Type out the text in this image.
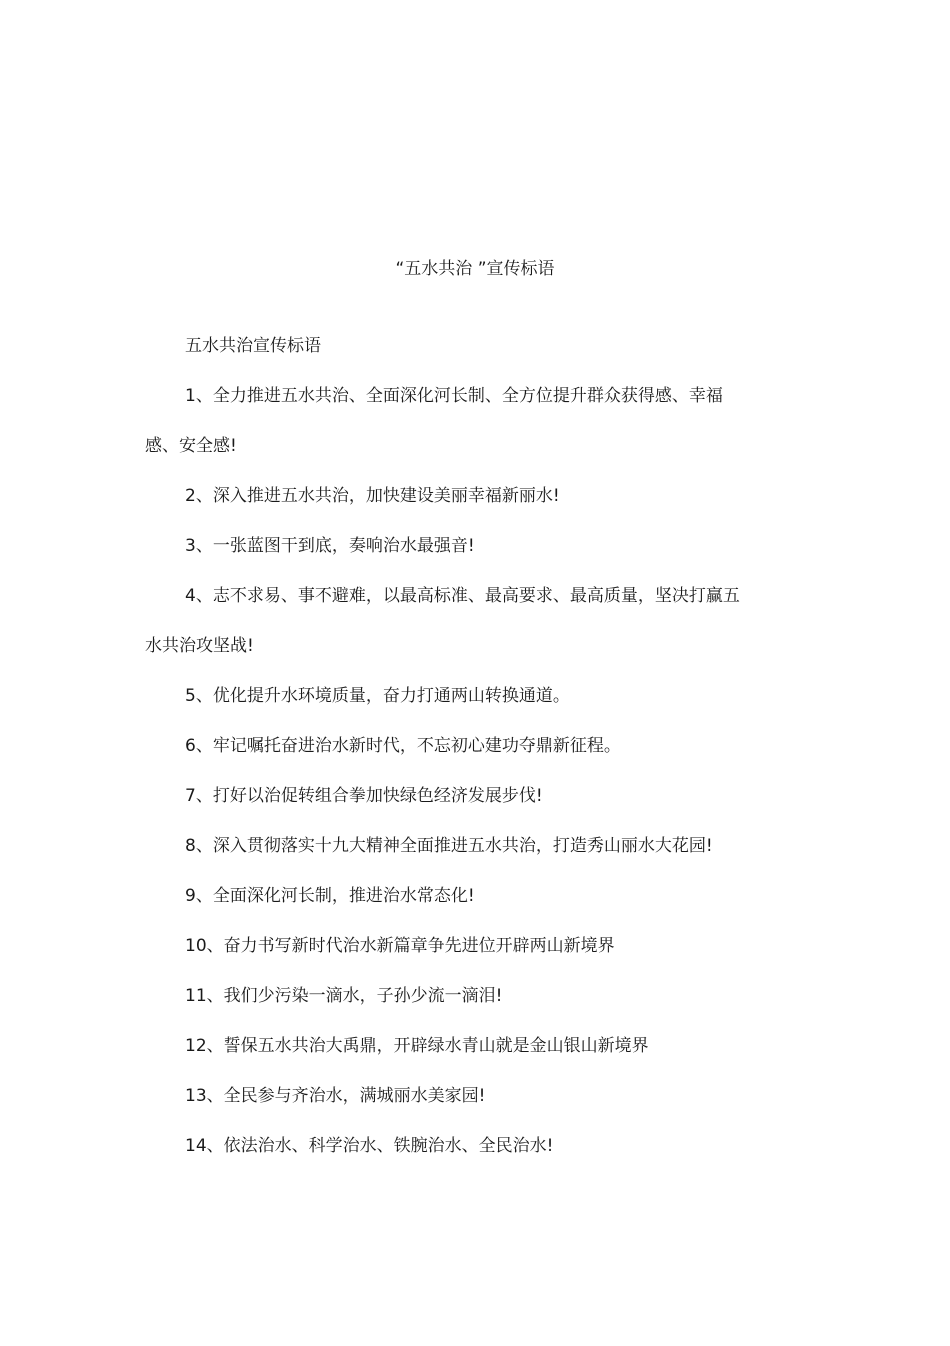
“五水共治 ”宣传标语

五水共治宣传标语

1、全力推进五水共治、全面深化河长制、全方位提升群众获得感、幸福感、安全感!

2、深入推进五水共治，加快建设美丽幸福新丽水!

3、一张蓝图干到底，奏响治水最强音!

4、志不求易、事不避难，以最高标准、最高要求、最高质量，坚决打赢五水共治攻坚战!

5、优化提升水环境质量，奋力打通两山转换通道。

6、牢记嘱托奋进治水新时代，不忘初心建功夺鼎新征程。

7、打好以治促转组合拳加快绿色经济发展步伐!

8、深入贯彻落实十九大精神全面推进五水共治，打造秀山丽水大花园!

9、全面深化河长制，推进治水常态化!

10、奋力书写新时代治水新篇章争先进位开辟两山新境界

11、我们少污染一滴水，子孙少流一滴泪!

12、誓保五水共治大禹鼎，开辟绿水青山就是金山银山新境界

13、全民参与齐治水，满城丽水美家园!

14、依法治水、科学治水、铁腕治水、全民治水!
